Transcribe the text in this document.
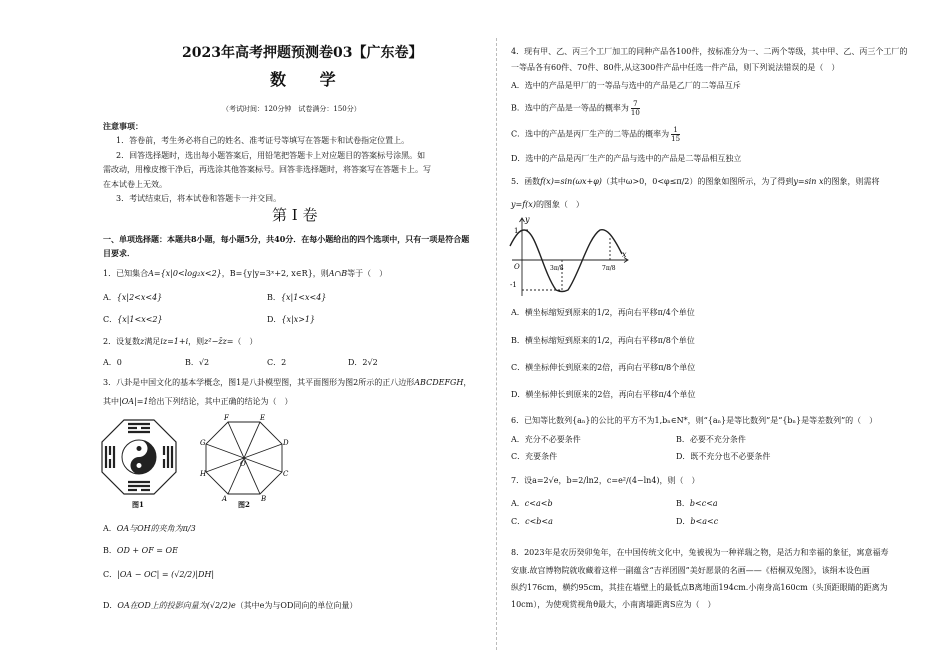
2023年高考押题预测卷03【广东卷】
数 学
（考试时间：120分钟　试卷满分：150分）
注意事项：
1．答卷前，考生务必将自己的姓名、准考证号等填写在答题卡和试卷指定位置上。
2．回答选择题时，选出每小题答案后，用铅笔把答题卡上对应题目的答案标号涂黑。如
需改动，用橡皮擦干净后，再选涂其他答案标号。回答非选择题时，将答案写在答题卡上。写
在本试卷上无效。
3．考试结束后，将本试卷和答题卡一并交回。
第 I 卷
一、单项选择题：本题共8小题，每小题5分，共40分．在每小题给出的四个选项中，只有一项是符合题
目要求．
1．已知集合A={x|0<log₂x<2}，B={y|y=3ˣ+2, x∈R}，则A∩B等于（　）
A．{x|2<x<4}	B．{x|1<x<4}
C．{x|1<x<2}	D．{x|x>1}
2．设复数z满足iz=1+i，则z²−z̄z=（　）
A．0	B．√2	C．2	D．2√2
3．八卦是中国文化的基本学概念，图1是八卦模型图，其平面图形为图2所示的正八边形ABCDEFGH，
其中|OA|=1给出下列结论，其中正确的结论为（　）
图1
F	E
D
C
B
A
H
G
O
图2
A．OA与OH的夹角为π/3
B．OD + OF = OE
C．|OA − OC| = (√2/2)|DH|
D．OA在OD上的投影向量为(√2/2)e（其中e为与OD同向的单位向量）
4．现有甲、乙、丙三个工厂加工的同种产品各100件，按标准分为一、二两个等级，其中甲、乙、丙三个工厂的
一等品各有60件、70件、80件,从这300件产品中任选一件产品，则下列说法错误的是（　）
A．选中的产品是甲厂的一等品与选中的产品是乙厂的二等品互斥
B．选中的产品是一等品的概率为 $\frac{7}{10}$
C．选中的产品是丙厂生产的二等品的概率为 $\frac{1}{15}$
D．选中的产品是丙厂生产的产品与选中的产品是二等品相互独立
5．函数f(x)=sin(ωx+φ)（其中ω>0，0<φ≤π/2）的图象如图所示，为了得到y=sin x的图象，则需将
y=f(x)的图象（　）
y
x
1
-1
O	3π/8	7π/8
A．横坐标缩短到原来的1/2，再向右平移π/4个单位
B．横坐标缩短到原来的1/2，再向右平移π/8个单位
C．横坐标伸长到原来的2倍，再向右平移π/8个单位
D．横坐标伸长到原来的2倍，再向右平移π/4个单位
6．已知等比数列{aₙ}的公比的平方不为1,bₙ∈N*，则“{aₙ}是等比数列”是“{bₙ}是等差数列”的（　）
A．充分不必要条件	B．必要不充分条件
C．充要条件	D．既不充分也不必要条件
7．设a=2√e，b=2/ln2，c=e²/(4−ln4)，则（　）
A．c<a<b	B．b<c<a
C．c<b<a	D．b<a<c
8．2023年是农历癸卯兔年，在中国传统文化中，兔被视为一种祥瑞之物，是活力和幸福的象征，寓意福寿
安康.故宫博物院就收藏着这样一副蕴含“吉祥团圆”美好愿景的名画——《梧桐双兔图》，该绢本设色画
纵约176cm，横约95cm，其挂在墙壁上的最低点B离地面194cm.小南身高160cm（头顶距眼睛的距离为
10cm），为使观赏视角θ最大，小南离墙距离S应为（　）
